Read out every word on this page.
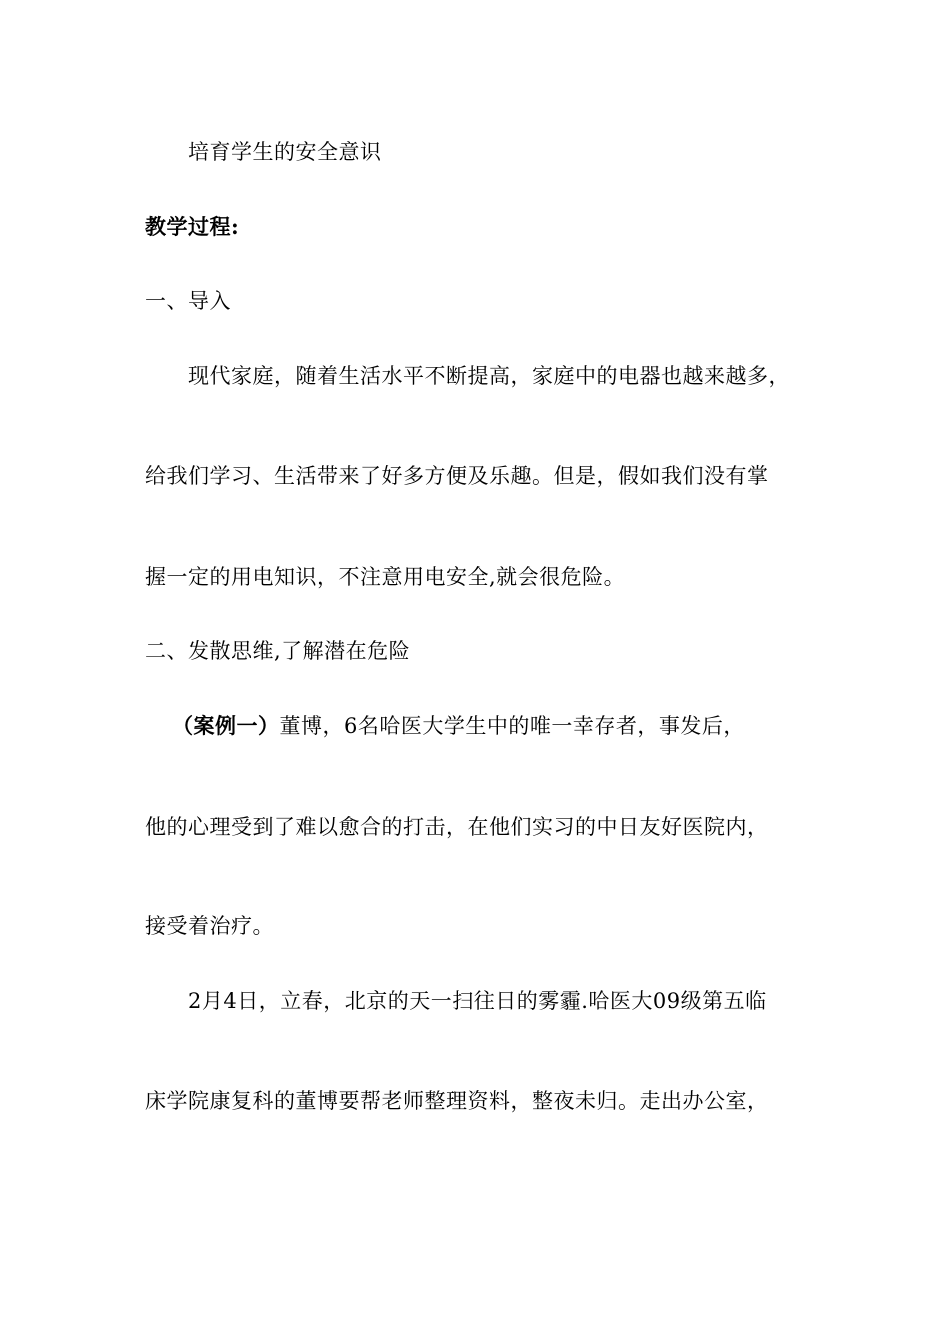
培育学生的安全意识
教学过程:
一、导入
现代家庭，随着生活水平不断提高，家庭中的电器也越来越多，
给我们学习、生活带来了好多方便及乐趣。但是，假如我们没有掌
握一定的用电知识，不注意用电安全,就会很危险。
二、发散思维,了解潜在危险
（案例一）董博，6名哈医大学生中的唯一幸存者，事发后，
他的心理受到了难以愈合的打击，在他们实习的中日友好医院内，
接受着治疗。
2月4日，立春，北京的天一扫往日的雾霾.哈医大09级第五临
床学院康复科的董博要帮老师整理资料，整夜未归。走出办公室，
